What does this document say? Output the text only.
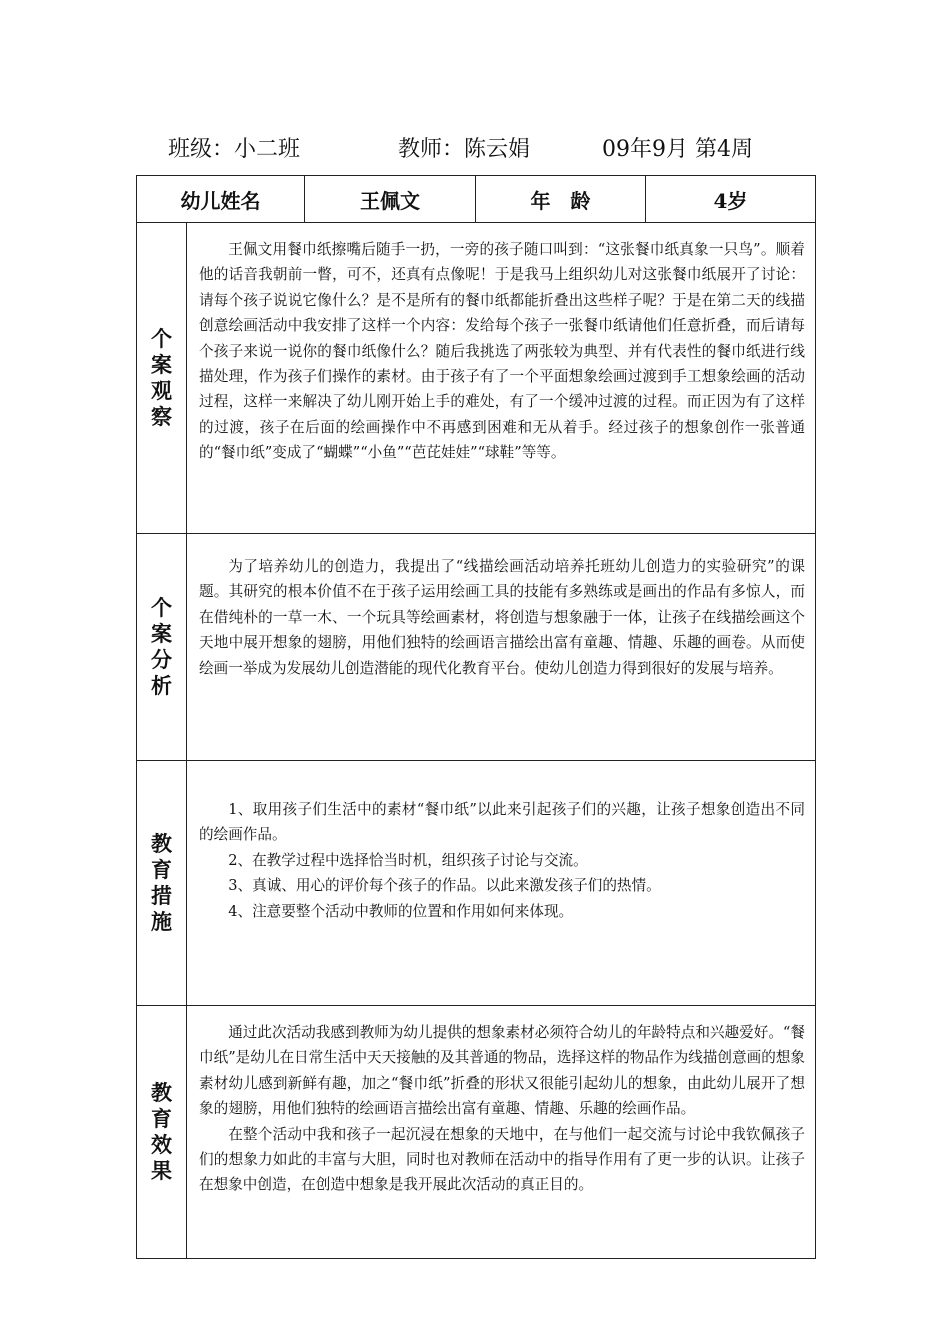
班级：小二班	教师：陈云娟	09年9月 第4周
幼儿姓名		王佩文	年　龄	4岁
个案观察	王佩文用餐巾纸擦嘴后随手一扔，一旁的孩子随口叫到：“这张餐巾纸真象一只鸟”。顺着他的话音我朝前一瞥，可不，还真有点像呢！于是我马上组织幼儿对这张餐巾纸展开了讨论：请每个孩子说说它像什么？是不是所有的餐巾纸都能折叠出这些样子呢？于是在第二天的线描创意绘画活动中我安排了这样一个内容：发给每个孩子一张餐巾纸请他们任意折叠，而后请每个孩子来说一说你的餐巾纸像什么？随后我挑选了两张较为典型、并有代表性的餐巾纸进行线描处理，作为孩子们操作的素材。由于孩子有了一个平面想象绘画过渡到手工想象绘画的活动过程，这样一来解决了幼儿刚开始上手的难处，有了一个缓冲过渡的过程。而正因为有了这样的过渡，孩子在后面的绘画操作中不再感到困难和无从着手。经过孩子的想象创作一张普通的“餐巾纸”变成了“蝴蝶”“小鱼”“芭芘娃娃”“球鞋”等等。			

个案分析	为了培养幼儿的创造力，我提出了“线描绘画活动培养托班幼儿创造力的实验研究”的课题。其研究的根本价值不在于孩子运用绘画工具的技能有多熟练或是画出的作品有多惊人，而在借纯朴的一草一木、一个玩具等绘画素材，将创造与想象融于一体，让孩子在线描绘画这个天地中展开想象的翅膀，用他们独特的绘画语言描绘出富有童趣、情趣、乐趣的画卷。从而使绘画一举成为发展幼儿创造潜能的现代化教育平台。使幼儿创造力得到很好的发展与培养。			

教育措施	1、取用孩子们生活中的素材“餐巾纸”以此来引起孩子们的兴趣，让孩子想象创造出不同的绘画作品。

2、在教学过程中选择恰当时机，组织孩子讨论与交流。

3、真诚、用心的评价每个孩子的作品。以此来激发孩子们的热情。

4、注意要整个活动中教师的位置和作用如何来体现。			

教育效果	通过此次活动我感到教师为幼儿提供的想象素材必须符合幼儿的年龄特点和兴趣爱好。“餐巾纸”是幼儿在日常生活中天天接触的及其普通的物品，选择这样的物品作为线描创意画的想象素材幼儿感到新鲜有趣，加之“餐巾纸”折叠的形状又很能引起幼儿的想象，由此幼儿展开了想象的翅膀，用他们独特的绘画语言描绘出富有童趣、情趣、乐趣的绘画作品。

在整个活动中我和孩子一起沉浸在想象的天地中，在与他们一起交流与讨论中我钦佩孩子们的想象力如此的丰富与大胆，同时也对教师在活动中的指导作用有了更一步的认识。让孩子在想象中创造，在创造中想象是我开展此次活动的真正目的。			
